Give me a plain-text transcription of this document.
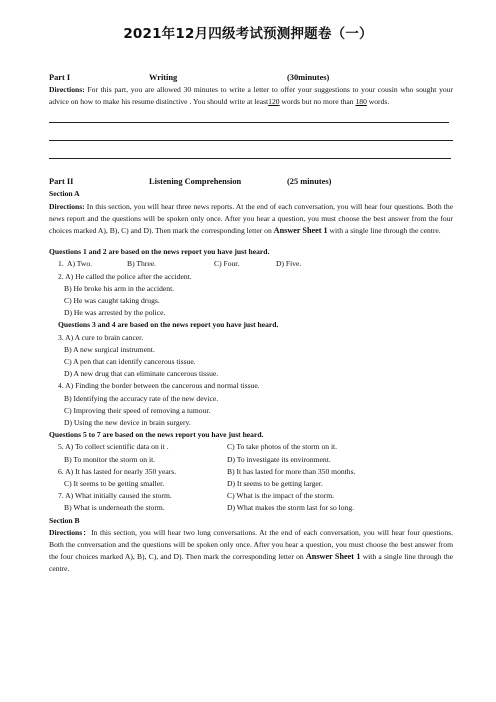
2021年12月四级考试预测押题卷（一）
Part I	Writing	(30minutes)

Directions: For this part, you are allowed 30 minutes to write a letter to offer your suggestions to your cousin who sought your advice on how to make his resume distinctive . You should write at least120 words but no more than 180 words.

Part II	Listening Comprehension	(25 minutes)
Section A

Directions: In this section, you will hear three news reports. At the end of each conversation, you will hear four questions. Both the news report and the questions will be spoken only once. After you hear a question, you must choose the best answer from the four choices marked A), B), C) and D). Then mark the corresponding letter on Answer Sheet 1 with a single line through the centre.

Questions 1 and 2 are based on the news report you have just heard.
1. A) Two.	B) Three.	C) Four.	D) Five.
2. A) He called the police after the accident.
B) He broke his arm in the accident.
C) He was caught taking drugs.
D) He was arrested by the police.
Questions 3 and 4 are based on the news report you have just heard.
3. A) A cure to brain cancer.
B) A new surgical instrument.
C) A pen that can identify cancerous tissue.
D) A new drug that can eliminate cancerous tissue.
4. A) Finding the border between the cancerous and normal tissue.
B) Identifying the accuracy rate of the new device.
C) Improving their speed of removing a tumour.
D) Using the new device in brain surgery.
Questions 5 to 7 are based on the news report you have just heard.
5. A) To collect scientific data on it .	C) To take photos of the storm on it.
B) To monitor the storm on it.	D) To investigate its environment.
6. A) It has lasted for nearly 350 years.	B) It has lasted for more than 350 months.
C) It seems to be getting smaller.	D) It seems to be getting larger.
7. A) What initially caused the storm.	C) What is the impact of the storm.
B) What is underneath the storm.	D) What makes the storm last for so long.
Section B

Directions：In this section, you will hear two long conversations. At the end of each conversation, you will hear four questions. Both the conversation and the questions will be spoken only once. After you hear a question, you must choose the best answer from the four choices marked A), B), C), and D). Then mark the corresponding letter on Answer Sheet 1 with a single line through the centre.
